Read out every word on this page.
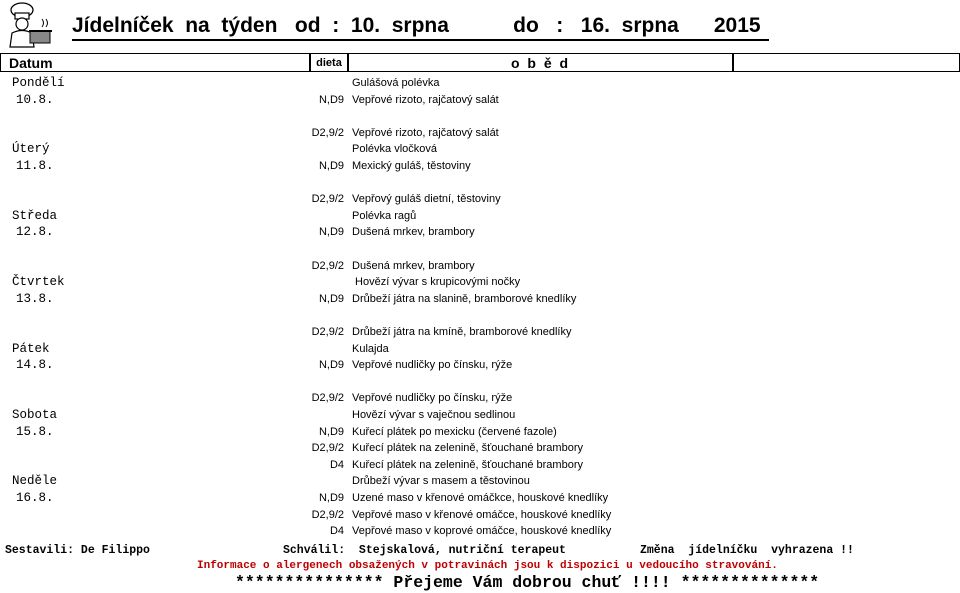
Jídelníček  na  týden   od  :  10.  srpna           do   :   16.  srpna      2015
Datum	dieta	o b ě d
Pondělí	Gulášová polévka
10.8.	N,D9 Vepřové rizoto, rajčatový salát
D2,9/2 Vepřové rizoto, rajčatový salát
Úterý	Polévka vločková
11.8.	N,D9 Mexický guláš, těstoviny
D2,9/2 Vepřový guláš dietní, těstoviny
Středa	Polévka ragů
12.8.	N,D9 Dušená mrkev, brambory
D2,9/2 Dušená mrkev, brambory
Čtvrtek	Hovězí vývar s krupicovými nočky
13.8.	N,D9 Drůbeží játra na slanině, bramborové knedlíky
D2,9/2 Drůbeží játra na kmíně, bramborové knedlíky
Pátek	Kulajda
14.8.	N,D9 Vepřové nudličky po čínsku, rýže
D2,9/2 Vepřové nudličky po čínsku, rýže
Sobota	Hovězí vývar s vaječnou sedlinou
15.8.	N,D9 Kuřecí plátek po mexicku (červené fazole)
D2,9/2 Kuřecí plátek na zelenině, šťouchané brambory
D4 Kuřecí plátek na zelenině, šťouchané brambory
Neděle	Drůbeží vývar s masem a těstovinou
16.8.	N,D9 Uzené maso v křenové omáčkce, houskové knedlíky
D2,9/2 Vepřové maso v křenové omáčce, houskové knedlíky
D4 Vepřové maso v koprové omáčce, houskové knedlíky
Sestavili: De Filippo	Schválil:  Stejskalová, nutriční terapeut	Změna  jídelníčku  vyhrazena !!
Informace o alergenech obsažených v potravinách jsou k dispozici u vedoucího stravování.
*************** Přejeme Vám dobrou chuť !!!! **************
